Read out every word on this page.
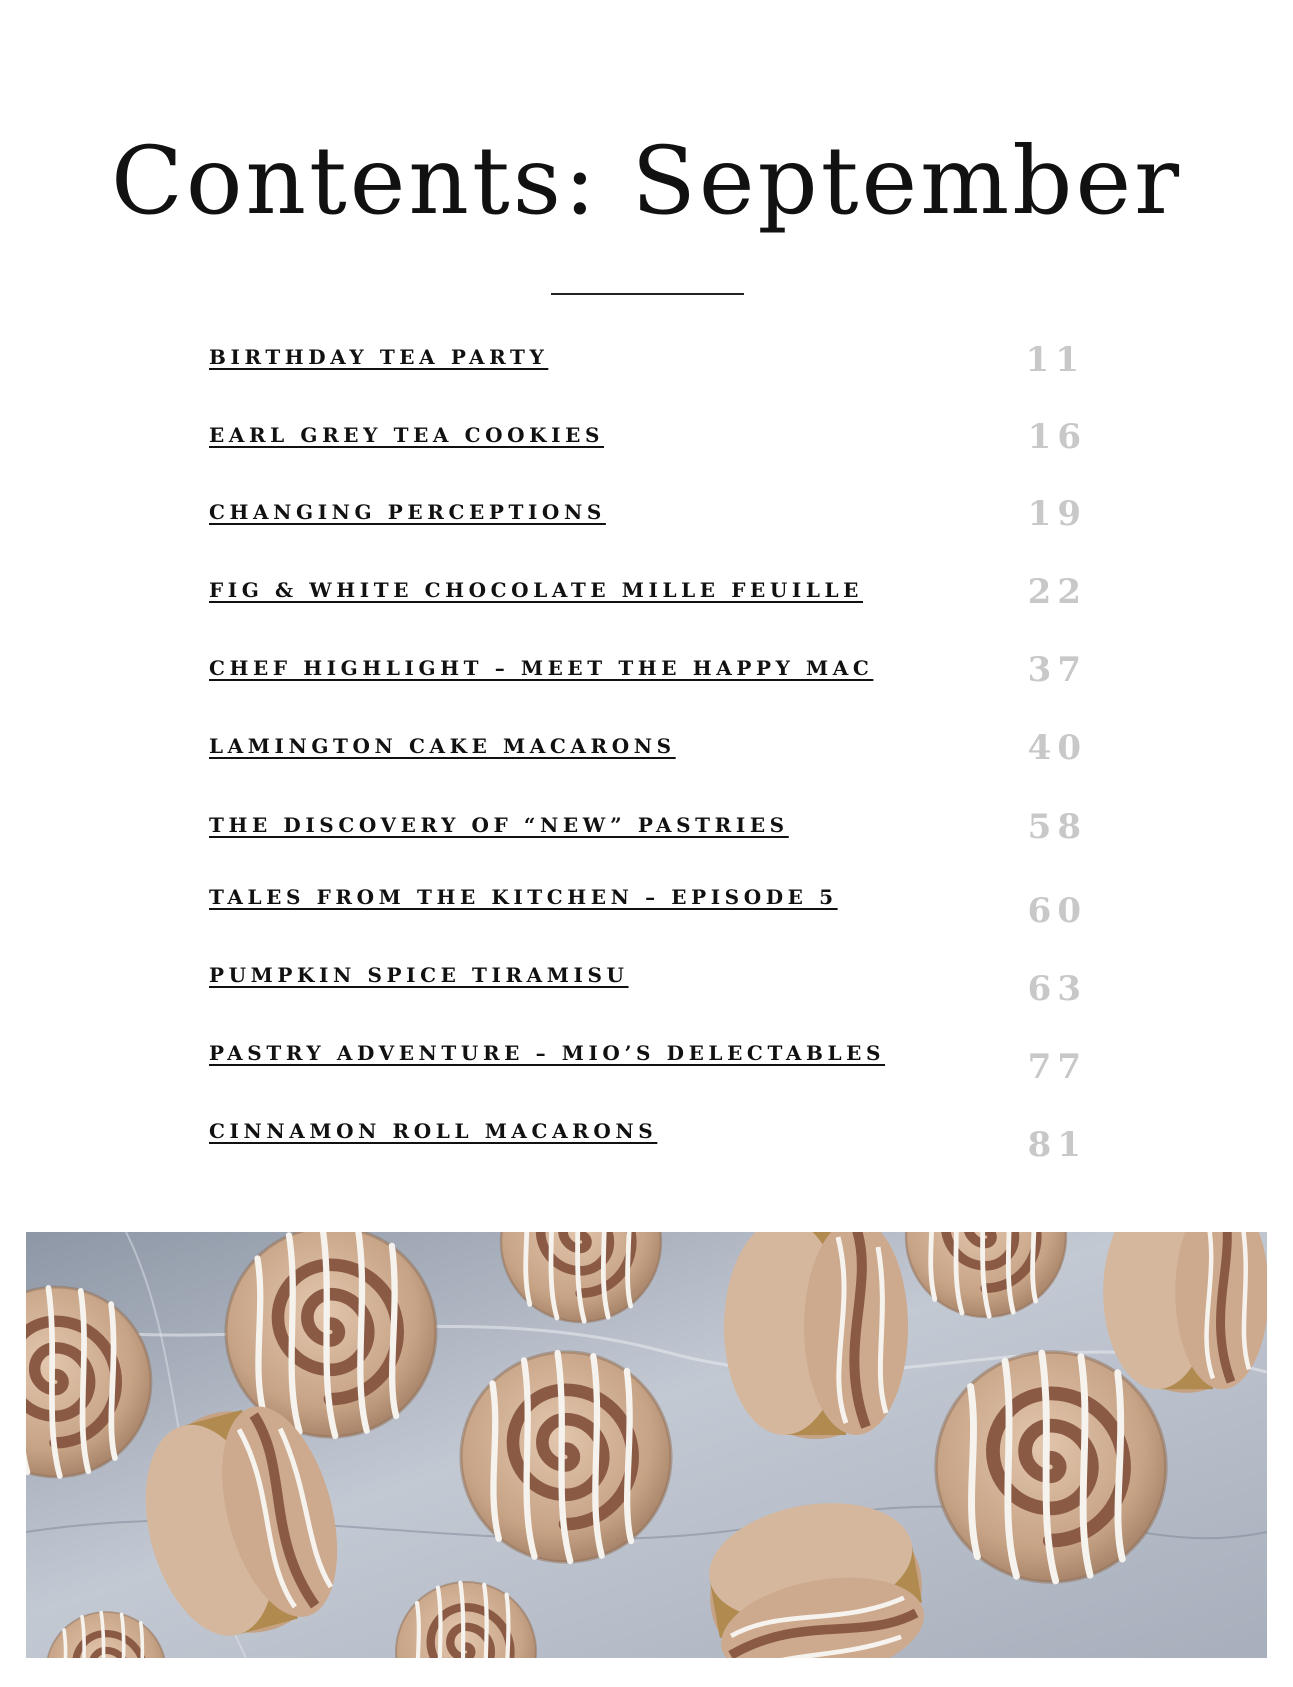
Contents: September
BIRTHDAY TEA PARTY	11
EARL GREY TEA COOKIES	16
CHANGING PERCEPTIONS	19
FIG & WHITE CHOCOLATE MILLE FEUILLE	22
CHEF HIGHLIGHT – MEET THE HAPPY MAC	37
LAMINGTON CAKE MACARONS	40
THE DISCOVERY OF “NEW” PASTRIES	58
TALES FROM THE KITCHEN – EPISODE 5	60
PUMPKIN SPICE TIRAMISU	63
PASTRY ADVENTURE – MIO’S DELECTABLES	77
CINNAMON ROLL MACARONS	81
